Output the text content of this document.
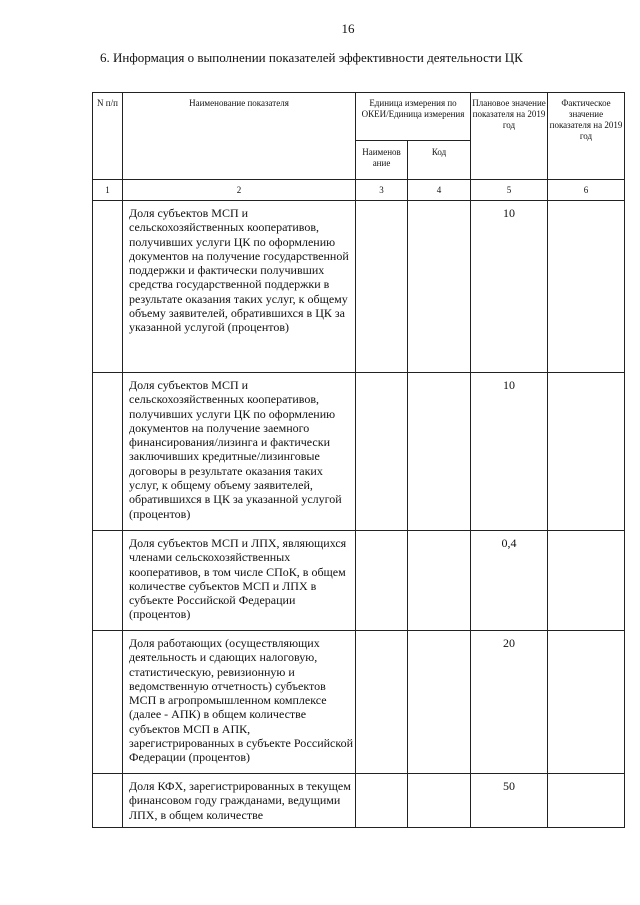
16
6. Информация о выполнении показателей эффективности деятельности ЦК
N п/п	Наименование показателя	Единица измерения по ОКЕИ/Единица измерения		Плановое значение показателя на 2019 год	Фактическое значение показателя на 2019 год
		Наименов ание	Код		
1	2	3	4	5	6
	Доля субъектов МСП и сельскохозяйственных кооперативов, получивших услуги ЦК по оформлению документов на получение государственной поддержки и фактически получивших средства государственной поддержки в результате оказания таких услуг, к общему объему заявителей, обратившихся в ЦК за указанной услугой (процентов)			10	
	Доля субъектов МСП и сельскохозяйственных кооперативов, получивших услуги ЦК по оформлению документов на получение заемного финансирования/лизинга и фактически заключивших кредитные/лизинговые договоры в результате оказания таких услуг, к общему объему заявителей, обратившихся в ЦК за указанной услугой (процентов)			10	
	Доля субъектов МСП и ЛПХ, являющихся членами сельскохозяйственных кооперативов, в том числе СПоК, в общем количестве субъектов МСП и ЛПХ в субъекте Российской Федерации (процентов)			0,4	
	Доля работающих (осуществляющих деятельность и сдающих налоговую, статистическую, ревизионную и ведомственную отчетность) субъектов МСП в агропромышленном комплексе (далее - АПК) в общем количестве субъектов МСП в АПК, зарегистрированных в субъекте Российской Федерации (процентов)			20	
	Доля КФХ, зарегистрированных в текущем финансовом году гражданами, ведущими ЛПХ, в общем количестве			50	
